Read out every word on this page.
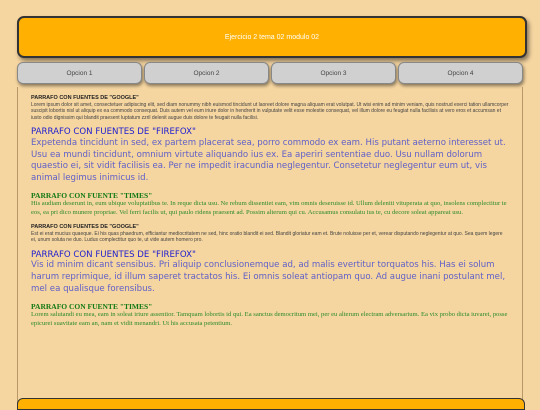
Ejercicio 2 tema 02 modulo 02
Opcion 1	Opcion 2	Opcion 3	Opcion 4
PARRAFO CON FUENTES DE "GOOGLE"

Lorem ipsum dolor sit amet, consectetuer adipiscing elit, sed diam nonummy nibh euismod tincidunt ut laoreet dolore magna aliquam erat volutpat. Ut wisi enim ad minim veniam, quis nostrud exerci tation ullamcorper suscipit lobortis nisl ut aliquip ex ea commodo consequat. Duis autem vel eum iriure dolor in hendrerit in vulputate velit esse molestie consequat, vel illum dolore eu feugiat nulla facilisis at vero eros et accumsan et iusto odio dignissim qui blandit praesent luptatum zzril delenit augue duis dolore te feugait nulla facilisi.

PARRAFO CON FUENTES DE "FIREFOX"

Expetenda tincidunt in sed, ex partem placerat sea, porro commodo ex eam. His putant aeterno interesset ut. Usu ea mundi tincidunt, omnium virtute aliquando ius ex. Ea aperiri sententiae duo. Usu nullam dolorum quaestio ei, sit vidit facilisis ea. Per ne impedit iracundia neglegentur. Consetetur neglegentur eum ut, vis animal legimus inimicus id.

PARRAFO CON FUENTE "TIMES"

His audiam deserunt in, eum ubique voluptatibus te. In reque dicta usu. Ne rebum dissentiet eam, vim omnis deseruisse id. Ullum deleniti vituperata at quo, insolens complectitur te eos, ea pri dico munere propriae. Vel ferri facilis ut, qui paulo ridens praesent ad. Possim alterum qui cu. Accusamus consulatu ius te, cu decore soleat appareat usu.

PARRAFO CON FUENTES DE "GOOGLE"

Est ei erat mucius quaeque. Ei his quas phaedrum, efficiantur mediocritatem ne sed, hinc oratio blandit ei sed. Blandit gloriatur eam et. Brute noluisse per et, verear disputando neglegentur at quo. Sea quem legere ei, unum soluta ne duo. Ludus complectitur quo te, ut vide autem homero pro.

PARRAFO CON FUENTES DE "FIREFOX"

Vis id minim dicant sensibus. Pri aliquip conclusionemque ad, ad malis evertitur torquatos his. Has ei solum harum reprimique, id illum saperet tractatos his. Ei omnis soleat antiopam quo. Ad augue inani postulant mel, mel ea qualisque forensibus.

PARRAFO CON FUENTE "TIMES"

Lorem salutandi eu mea, eam in soleat iriure assentior. Tamquam lobortis id qui. Ea sanctus democritum mei, per eu alterum electram adversarium. Ea vix probo dicta iuvaret, posse epicurei suavitate eam an, nam et vidit menandri. Ut his accusata petentium.
